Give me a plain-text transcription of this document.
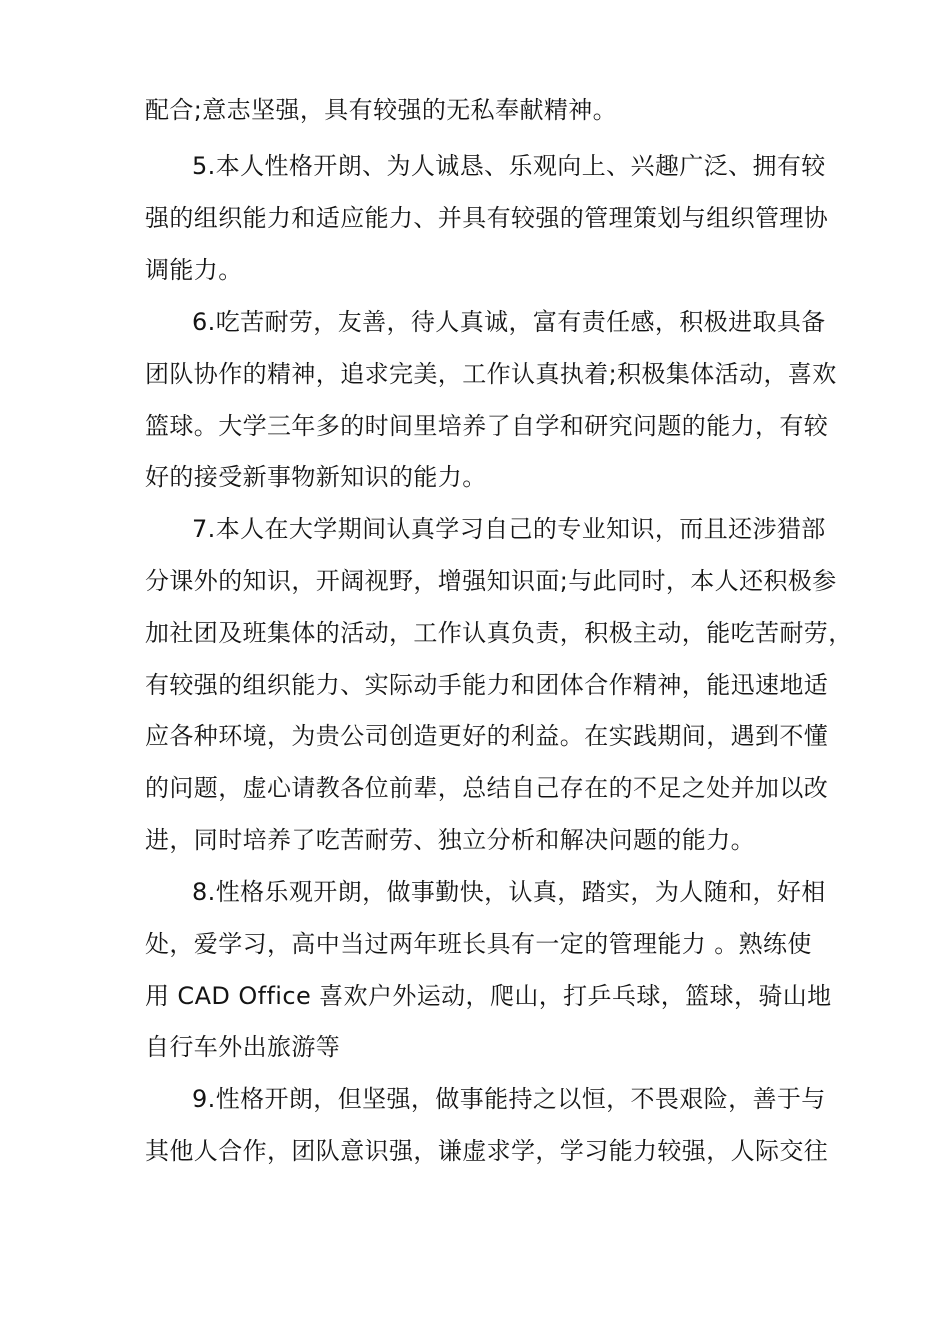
配合;意志坚强，具有较强的无私奉献精神。
5.本人性格开朗、为人诚恳、乐观向上、兴趣广泛、拥有较
强的组织能力和适应能力、并具有较强的管理策划与组织管理协
调能力。
6.吃苦耐劳，友善，待人真诚，富有责任感，积极进取具备
团队协作的精神，追求完美，工作认真执着;积极集体活动，喜欢
篮球。大学三年多的时间里培养了自学和研究问题的能力，有较
好的接受新事物新知识的能力。
7.本人在大学期间认真学习自己的专业知识，而且还涉猎部
分课外的知识，开阔视野，增强知识面;与此同时，本人还积极参
加社团及班集体的活动，工作认真负责，积极主动，能吃苦耐劳，
有较强的组织能力、实际动手能力和团体合作精神，能迅速地适
应各种环境，为贵公司创造更好的利益。在实践期间，遇到不懂
的问题，虚心请教各位前辈，总结自己存在的不足之处并加以改
进，同时培养了吃苦耐劳、独立分析和解决问题的能力。
8.性格乐观开朗，做事勤快，认真，踏实，为人随和，好相
处，爱学习，高中当过两年班长具有一定的管理能力 。熟练使
用 CAD Office 喜欢户外运动，爬山，打乒乓球，篮球，骑山地
自行车外出旅游等
9.性格开朗，但坚强，做事能持之以恒，不畏艰险，善于与
其他人合作，团队意识强，谦虚求学，学习能力较强，人际交往
